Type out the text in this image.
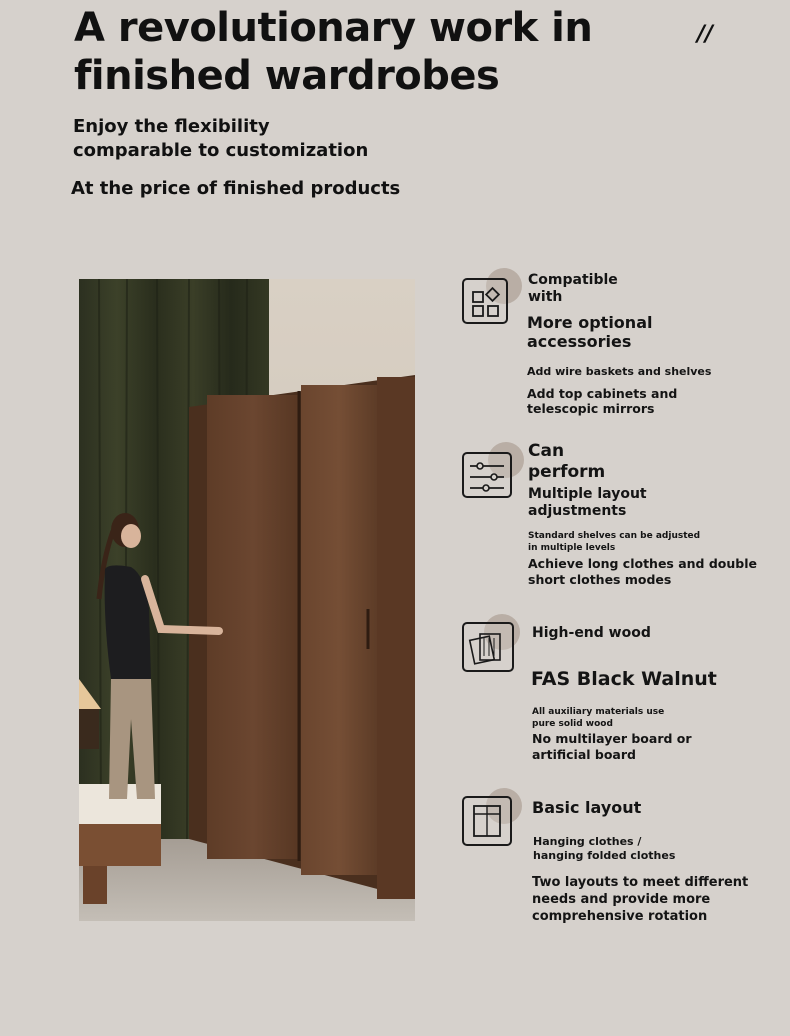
A revolutionary work in
finished wardrobes
//
Enjoy the flexibility
comparable to customization
At the price of finished products
Compatible
with
More optional
accessories
Add wire baskets and shelves
Add top cabinets and
telescopic mirrors
Can
perform
Multiple layout
adjustments
Standard shelves can be adjusted
in multiple levels
Achieve long clothes and double
short clothes modes
High-end wood
FAS Black Walnut
All auxiliary materials use
pure solid wood
No multilayer board or
artificial board
Basic layout
Hanging clothes /
hanging folded clothes
Two layouts to meet different
needs and provide more
comprehensive rotation
